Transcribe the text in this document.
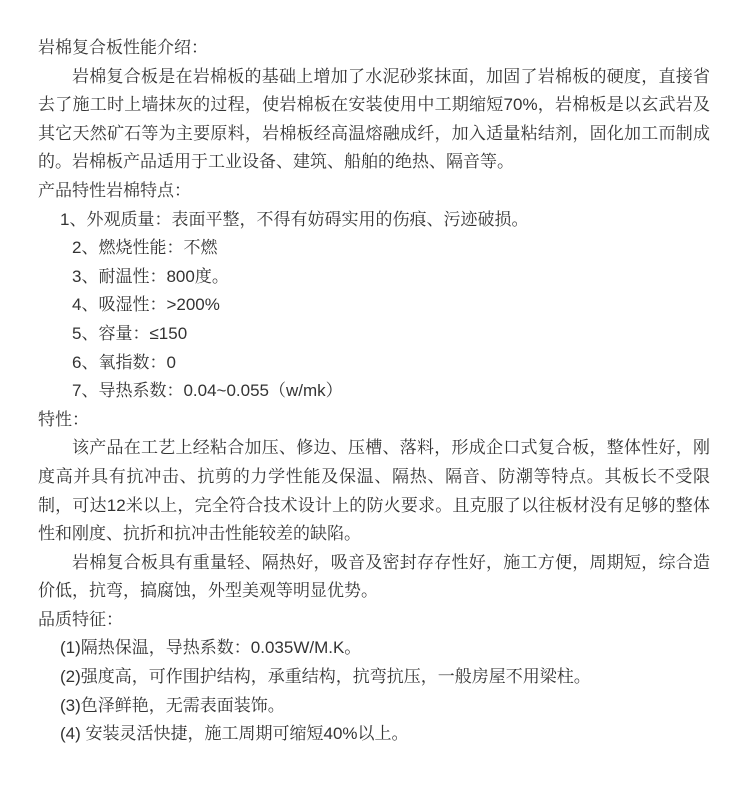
岩棉复合板性能介绍：

岩棉复合板是在岩棉板的基础上增加了水泥砂浆抹面，加固了岩棉板的硬度，直接省去了施工时上墙抹灰的过程，使岩棉板在安装使用中工期缩短70%，岩棉板是以玄武岩及其它天然矿石等为主要原料，岩棉板经高温熔融成纤，加入适量粘结剂，固化加工而制成的。岩棉板产品适用于工业设备、建筑、船舶的绝热、隔音等。

产品特性岩棉特点：

1、外观质量：表面平整，不得有妨碍实用的伤痕、污迹破损。

2、燃烧性能：不燃

3、耐温性：800度。

4、吸湿性：>200%

5、容量：≤150

6、氧指数：0

7、导热系数：0.04~0.055（w/mk）

特性：

该产品在工艺上经粘合加压、修边、压槽、落料，形成企口式复合板，整体性好，刚度高并具有抗冲击、抗剪的力学性能及保温、隔热、隔音、防潮等特点。其板长不受限制，可达12米以上，完全符合技术设计上的防火要求。且克服了以往板材没有足够的整体性和刚度、抗折和抗冲击性能较差的缺陷。

岩棉复合板具有重量轻、隔热好，吸音及密封存存性好，施工方便，周期短，综合造价低，抗弯，搞腐蚀，外型美观等明显优势。

品质特征：

(1)隔热保温，导热系数：0.035W/M.K。

(2)强度高，可作围护结构，承重结构，抗弯抗压，一般房屋不用梁柱。

(3)色泽鲜艳，无需表面装饰。

(4) 安装灵活快捷，施工周期可缩短40%以上。
